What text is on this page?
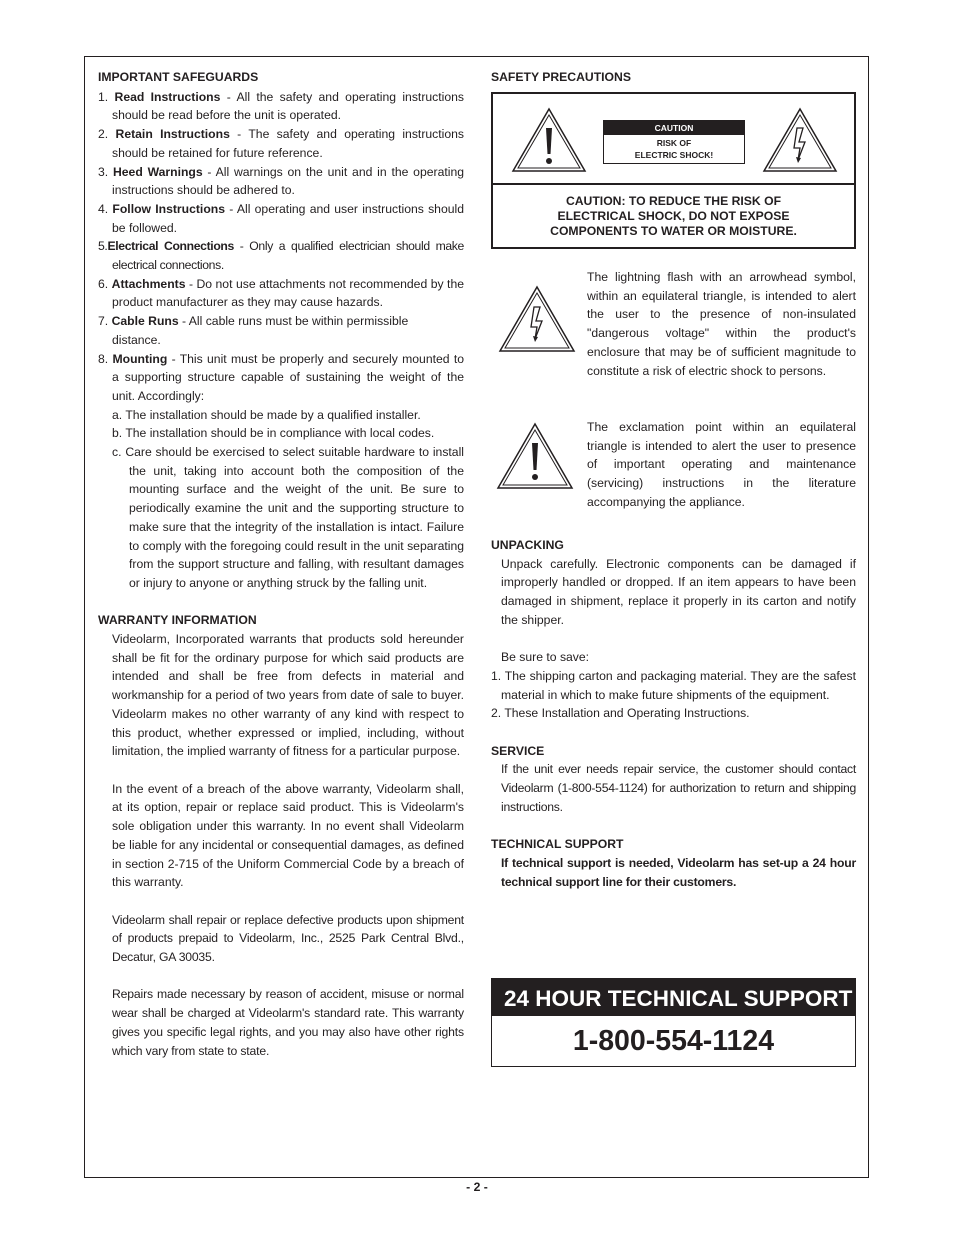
IMPORTANT SAFEGUARDS

1. Read Instructions - All the safety and operating instructions should be read before the unit is operated.

2. Retain Instructions - The safety and operating instructions should be retained for future reference.

3. Heed Warnings - All warnings on the unit and in the operating instructions should be adhered to.

4. Follow Instructions - All operating and user instructions should be followed.

5.Electrical Connections - Only a qualified electrician should make electrical connections.

6. Attachments - Do not use attachments not recommended by the product manufacturer as they may cause hazards.

7. Cable Runs - All cable runs must be within permissible distance.

8. Mounting - This unit must be properly and securely mounted to a supporting structure capable of sustaining the weight of the unit. Accordingly:

a. The installation should be made by a qualified installer.

b. The installation should be in compliance with local codes.

c. Care should be exercised to select suitable hardware to install the unit, taking into account both the composition of the mounting surface and the weight of the unit. Be sure to periodically examine the unit and the supporting structure to make sure that the integrity of the installation is intact. Failure to comply with the foregoing could result in the unit separating from the support structure and falling, with resultant damages or injury to anyone or anything struck by the falling unit.

WARRANTY INFORMATION

Videolarm, Incorporated warrants that products sold hereunder shall be fit for the ordinary purpose for which said products are intended and shall be free from defects in material and workmanship for a period of two years from date of sale to buyer. Videolarm makes no other warranty of any kind with respect to this product, whether expressed or implied, including, without limitation, the implied warranty of fitness for a particular purpose.

In the event of a breach of the above warranty, Videolarm shall, at its option, repair or replace said product. This is Videolarm's sole obligation under this warranty. In no event shall Videolarm be liable for any incidental or consequential damages, as defined in section 2-715 of the Uniform Commercial Code by a breach of this warranty.

Videolarm shall repair or replace defective products upon shipment of products prepaid to Videolarm, Inc., 2525 Park Central Blvd., Decatur, GA 30035.

Repairs made necessary by reason of accident, misuse or normal wear shall be charged at Videolarm's standard rate. This warranty gives you specific legal rights, and you may also have other rights which vary from state to state.

SAFETY PRECAUTIONS

CAUTION
RISK OF
ELECTRIC SHOCK!
CAUTION: TO REDUCE THE RISK OF
ELECTRICAL SHOCK, DO NOT EXPOSE
COMPONENTS TO WATER OR MOISTURE.
The lightning flash with an arrowhead symbol, within an equilateral triangle, is intended to alert the user to the presence of non-insulated "dangerous voltage" within the product's enclosure that may be of sufficient magnitude to constitute a risk of electric shock to persons.
The exclamation point within an equilateral triangle is intended to alert the user to presence of important operating and maintenance (servicing) instructions in the literature accompanying the appliance.

UNPACKING

Unpack carefully. Electronic components can be damaged if improperly handled or dropped. If an item appears to have been damaged in shipment, replace it properly in its carton and notify the shipper.

Be sure to save:

1. The shipping carton and packaging material. They are the safest material in which to make future shipments of the equipment.

2. These Installation and Operating Instructions.

SERVICE

If the unit ever needs repair service, the customer should contact Videolarm (1-800-554-1124) for authorization to return and shipping instructions.

TECHNICAL SUPPORT

If technical support is needed, Videolarm has set-up a 24 hour technical support line for their customers.

24 HOUR TECHNICAL SUPPORT
1-800-554-1124
- 2 -
